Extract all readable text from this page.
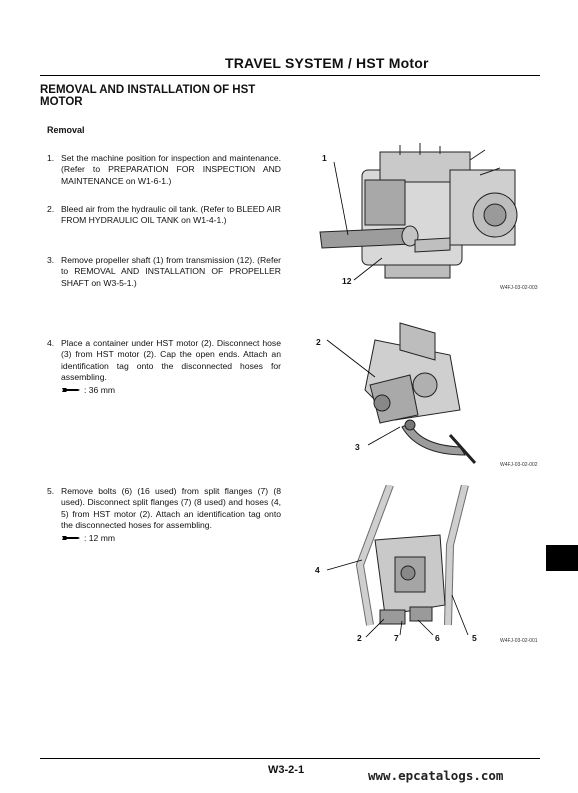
TRAVEL SYSTEM / HST Motor
REMOVAL AND INSTALLATION OF HST MOTOR
Removal
1. Set the machine position for inspection and maintenance. (Refer to PREPARATION FOR INSPECTION AND MAINTENANCE on W1-6-1.)
2. Bleed air from the hydraulic oil tank. (Refer to BLEED AIR FROM HYDRAULIC OIL TANK on W1-4-1.)
3. Remove propeller shaft (1) from transmission (12). (Refer to REMOVAL AND INSTALLATION OF PROPELLER SHAFT on W3-5-1.)
4. Place a container under HST motor (2). Disconnect hose (3) from HST motor (2). Cap the open ends. Attach an identification tag onto the disconnected hoses for assembling.
: 36 mm
5. Remove bolts (6) (16 used) from split flanges (7) (8 used). Disconnect split flanges (7) (8 used) and hoses (4, 5) from HST motor (2). Attach an identification tag onto the disconnected hoses for assembling.
: 12 mm
1
12
W4FJ-03-02-003
2
3
W4FJ-03-02-002
4
2	7	6	5	W4FJ-03-02-001
W3-2-1	www.epcatalogs.com
